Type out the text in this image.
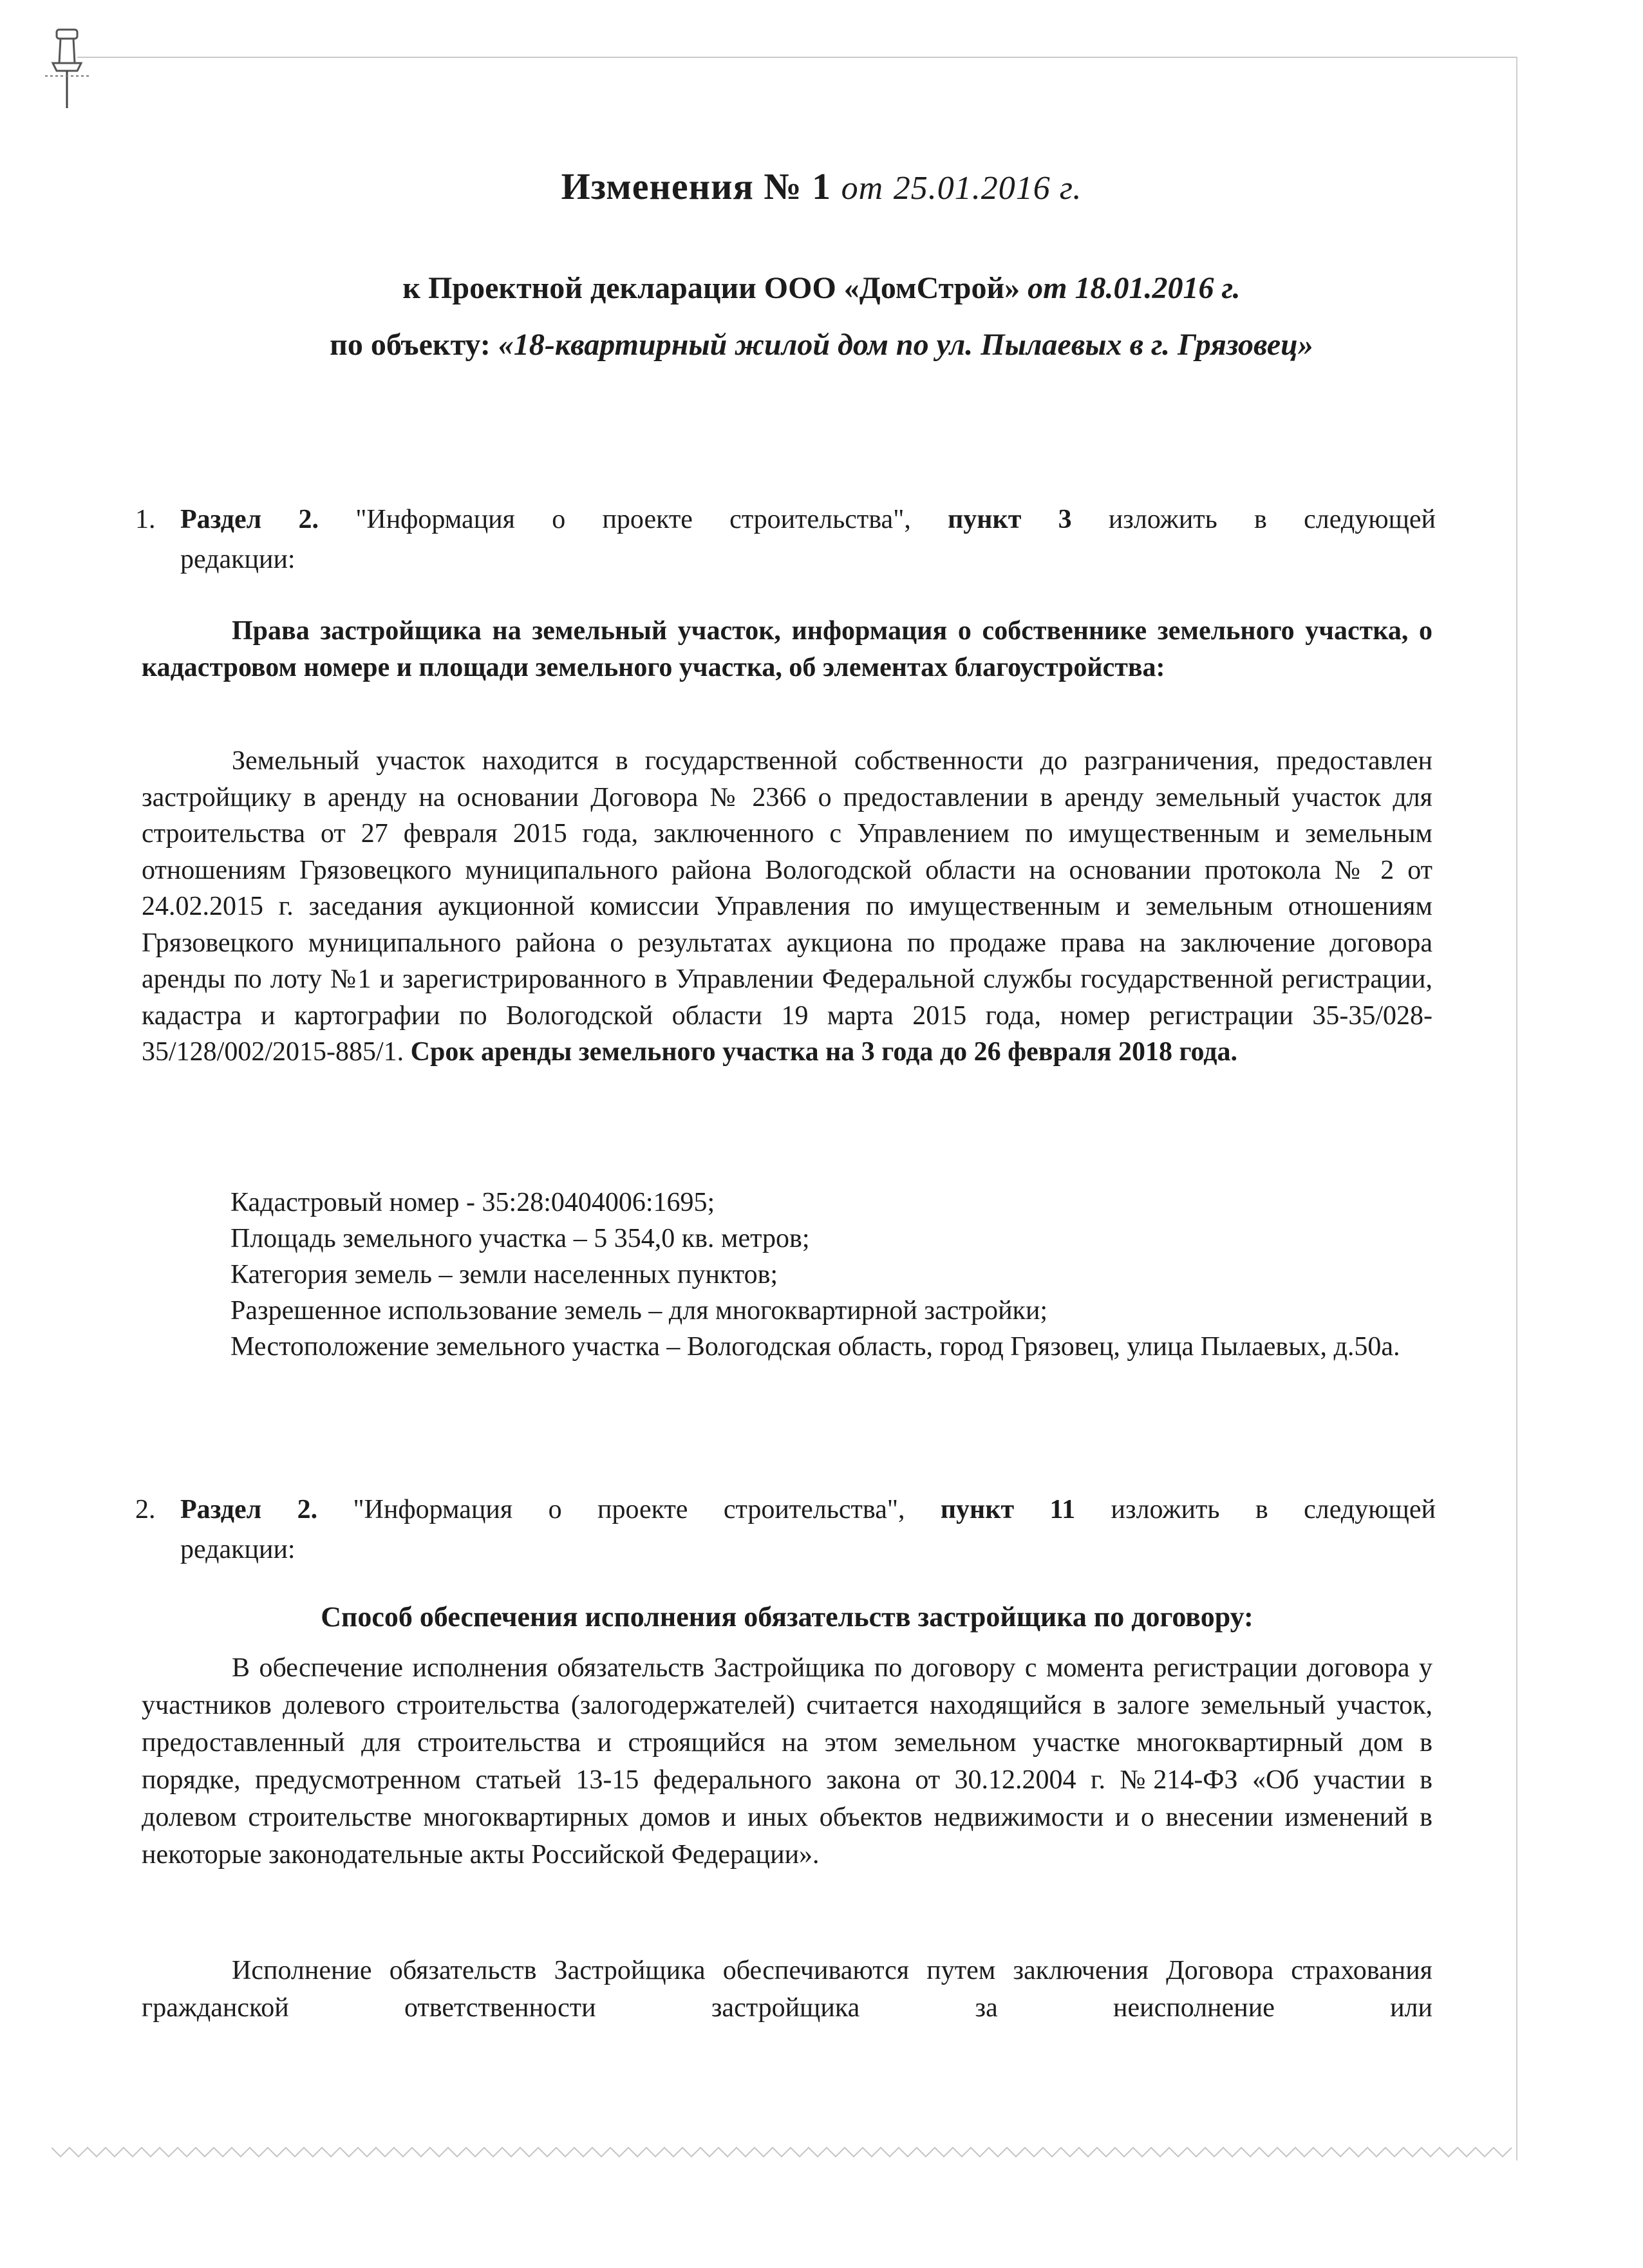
Изменения № 1 от 25.01.2016 г.
к Проектной декларации ООО «ДомСтрой» от 18.01.2016 г.
по объекту: «18-квартирный жилой дом по ул. Пылаевых в г. Грязовец»
1. Раздел 2. "Информация о проекте строительства", пункт 3 изложить в следующей
редакции:
Права застройщика на земельный участок, информация о собственнике земельного участка, о кадастровом номере и площади земельного участка, об элементах благоустройства:
Земельный участок находится в государственной собственности до разграничения, предоставлен застройщику в аренду на основании Договора № 2366 о предоставлении в аренду земельный участок для строительства от 27 февраля 2015 года, заключенного с Управлением по имущественным и земельным отношениям Грязовецкого муниципального района Вологодской области на основании протокола № 2 от 24.02.2015 г. заседания аукционной комиссии Управления по имущественным и земельным отношениям Грязовецкого муниципального района о результатах аукциона по продаже права на заключение договора аренды по лоту №1 и зарегистрированного в Управлении Федеральной службы государственной регистрации, кадастра и картографии по Вологодской области 19 марта 2015 года, номер регистрации 35-35/028-35/128/002/2015-885/1. Срок аренды земельного участка на 3 года до 26 февраля 2018 года.
Кадастровый номер - 35:28:0404006:1695;
Площадь земельного участка – 5 354,0 кв. метров;
Категория земель – земли населенных пунктов;
Разрешенное использование земель – для многоквартирной застройки;
Местоположение земельного участка – Вологодская область, город Грязовец, улица Пылаевых, д.50а.
2. Раздел 2. "Информация о проекте строительства", пункт 11 изложить в следующей
редакции:
Способ обеспечения исполнения обязательств застройщика по договору:
В обеспечение исполнения обязательств Застройщика по договору с момента регистрации договора у участников долевого строительства (залогодержателей) считается находящийся в залоге земельный участок, предоставленный для строительства и строящийся на этом земельном участке многоквартирный дом в порядке, предусмотренном статьей 13-15 федерального закона от 30.12.2004 г. №214-ФЗ «Об участии в долевом строительстве многоквартирных домов и иных объектов недвижимости и о внесении изменений в некоторые законодательные акты Российской Федерации».
Исполнение обязательств Застройщика обеспечиваются путем заключения Договора страхования гражданской ответственности застройщика за неисполнение или
